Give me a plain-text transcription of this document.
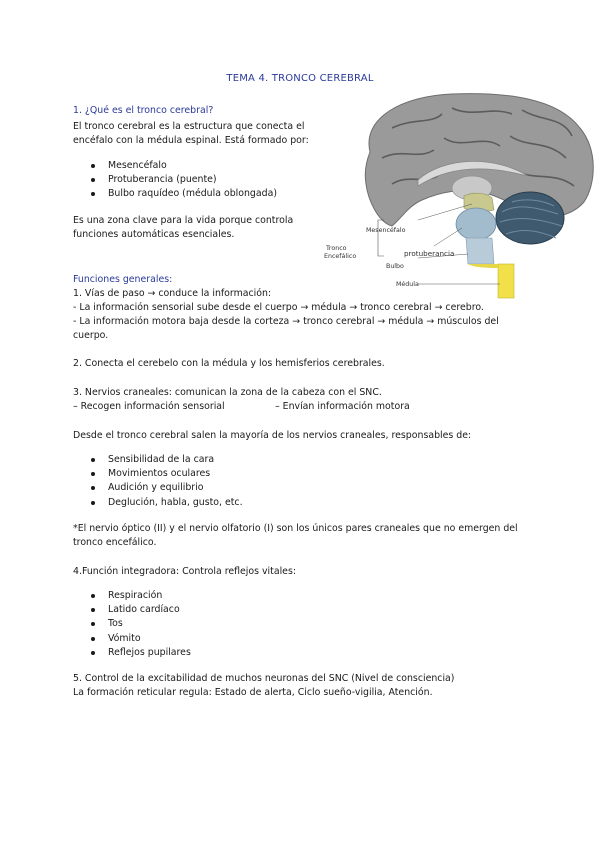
TEMA 4. TRONCO CEREBRAL
1. ¿Qué es el tronco cerebral?
El tronco cerebral es la estructura que conecta el
encéfalo con la médula espinal. Está formado por:
Mesencéfalo
Protuberancia (puente)
Bulbo raquídeo (médula oblongada)
Es una zona clave para la vida porque controla
funciones automáticas esenciales.	Mesencéfalo
protuberancia
Bulbo
Médula
Tronco
Encefálico
Funciones generales:
1. Vías de paso → conduce la información:
- La información sensorial sube desde el cuerpo → médula → tronco cerebral → cerebro.
- La información motora baja desde la corteza → tronco cerebral → médula → músculos del
cuerpo.
2. Conecta el cerebelo con la médula y los hemisferios cerebrales.
3. Nervios craneales: comunican la zona de la cabeza con el SNC.
– Recogen información sensorial	– Envían información motora
Desde el tronco cerebral salen la mayoría de los nervios craneales, responsables de:
Sensibilidad de la cara
Movimientos oculares
Audición y equilibrio
Deglución, habla, gusto, etc.
*El nervio óptico (II) y el nervio olfatorio (I) son los únicos pares craneales que no emergen del
tronco encefálico.
4.Función integradora: Controla reflejos vitales:
Respiración
Latido cardíaco
Tos
Vómito
Reflejos pupilares
5. Control de la excitabilidad de muchos neuronas del SNC (Nivel de consciencia)
La formación reticular regula: Estado de alerta, Ciclo sueño-vigilia, Atención.
